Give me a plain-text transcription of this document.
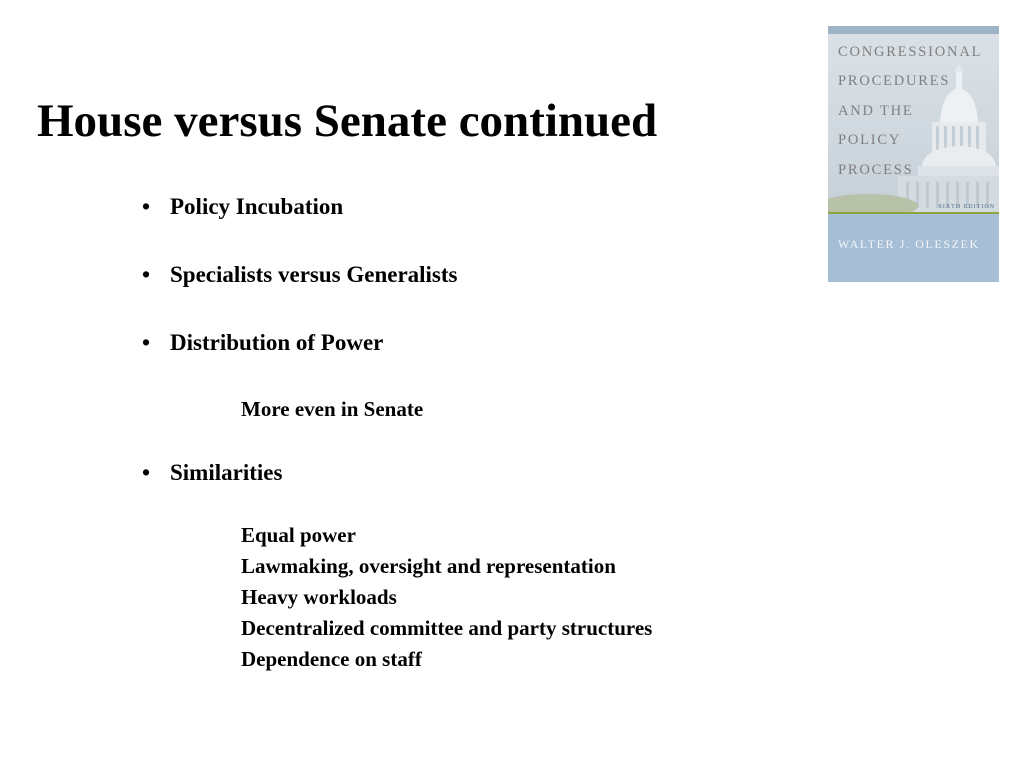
House versus Senate continued
• Policy Incubation
• Specialists versus Generalists
• Distribution of Power
More even in Senate
• Similarities
Equal power
Lawmaking, oversight and representation
Heavy workloads
Decentralized committee and party structures
Dependence on staff
CONGRESSIONAL
PROCEDURES
AND THE
POLICY
PROCESS
SIXTH EDITION
WALTER J. OLESZEK
